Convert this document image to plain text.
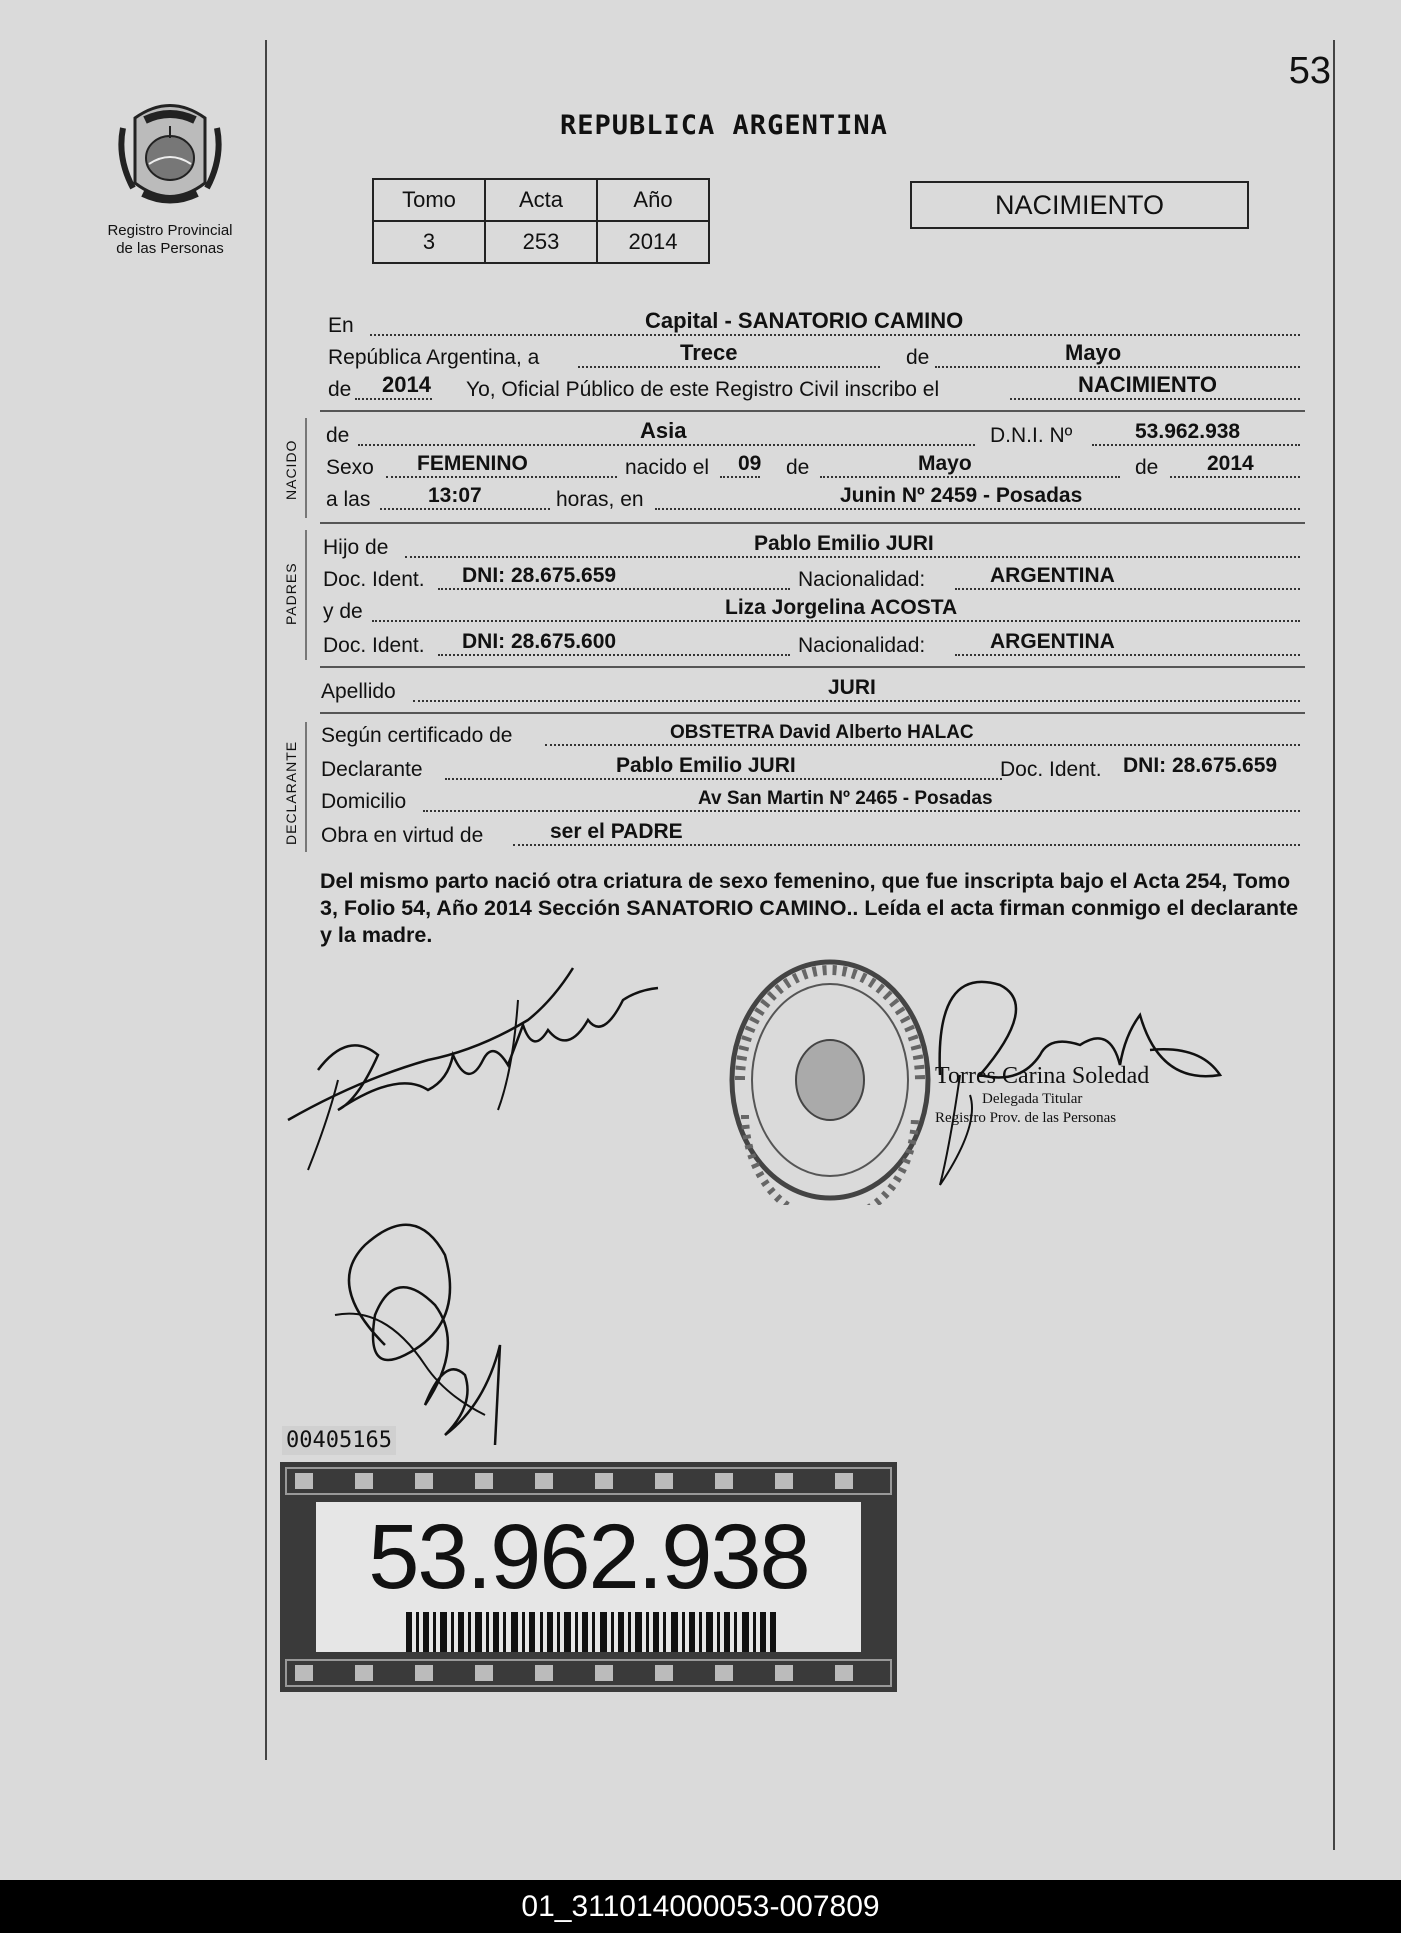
53
Registro Provincial
de las Personas
REPUBLICA ARGENTINA
Tomo	Acta	Año
3	253	2014
NACIMIENTO
En	Capital - SANATORIO CAMINO
República Argentina, a	Trece	de	Mayo
de 2014 Yo, Oficial Público de este Registro Civil inscribo el	NACIMIENTO
NACIDO
de	Asia	D.N.I. Nº	53.962.938
Sexo FEMENINO	nacido el 09 de	Mayo	de 2014
a las	13:07	horas, en	Junin Nº 2459 - Posadas
PADRES
Hijo de	Pablo Emilio JURI
Doc. Ident. DNI: 28.675.659	Nacionalidad:	ARGENTINA
y de	Liza Jorgelina ACOSTA
Doc. Ident. DNI: 28.675.600	Nacionalidad:	ARGENTINA
Apellido	JURI
DECLARANTE
Según certificado de	OBSTETRA David Alberto HALAC
Declarante	Pablo Emilio JURI	Doc. Ident. DNI: 28.675.659
Domicilio	Av San Martin Nº 2465 - Posadas
Obra en virtud de	ser el PADRE
Del mismo parto nació otra criatura de sexo femenino, que fue inscripta bajo el Acta 254, Tomo 3, Folio 54, Año 2014 Sección SANATORIO CAMINO.. Leída el acta firman conmigo el declarante y la madre.
Torres Carina Soledad
Delegada Titular
Registro Prov. de las Personas
00405165
53.962.938
01_311014000053-007809
